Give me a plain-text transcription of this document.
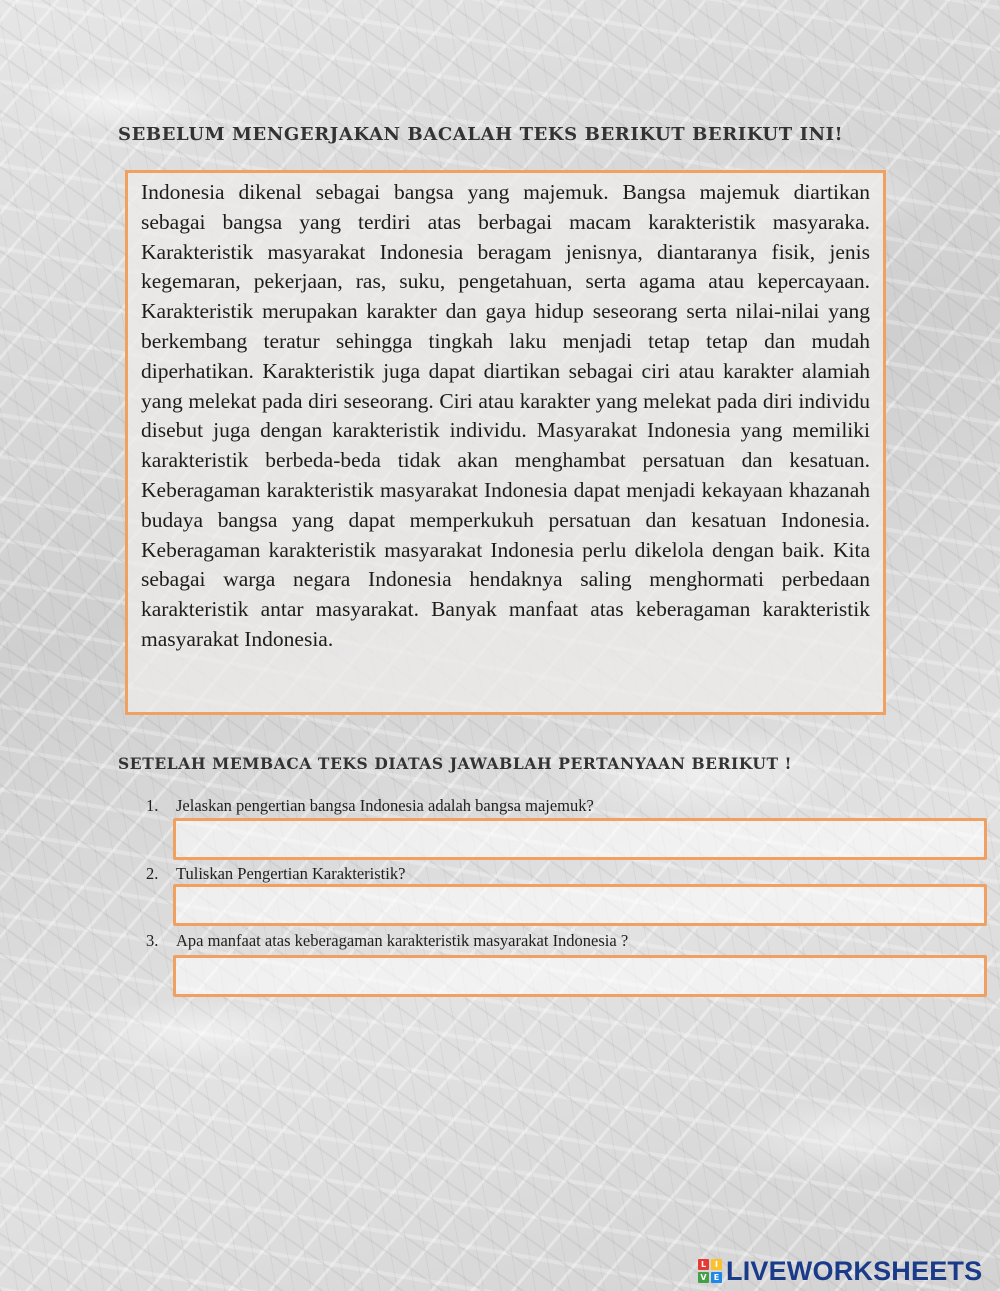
SEBELUM MENGERJAKAN BACALAH TEKS BERIKUT BERIKUT INI!

Indonesia dikenal sebagai bangsa yang majemuk. Bangsa majemuk diartikan sebagai bangsa yang terdiri atas berbagai macam karakteristik masyaraka. Karakteristik masyarakat Indonesia beragam jenisnya, diantaranya fisik, jenis kegemaran, pekerjaan, ras, suku, pengetahuan, serta agama atau kepercayaan. Karakteristik merupakan karakter dan gaya hidup seseorang serta nilai-nilai yang berkembang teratur sehingga tingkah laku menjadi tetap tetap dan mudah diperhatikan. Karakteristik juga dapat diartikan sebagai ciri atau karakter alamiah yang melekat pada diri seseorang. Ciri atau karakter yang melekat pada diri individu disebut juga dengan karakteristik individu. Masyarakat Indonesia yang memiliki karakteristik berbeda-beda tidak akan menghambat persatuan dan kesatuan. Keberagaman karakteristik masyarakat Indonesia dapat menjadi kekayaan khazanah budaya bangsa yang dapat memperkukuh persatuan dan kesatuan Indonesia. Keberagaman karakteristik masyarakat Indonesia perlu dikelola dengan baik. Kita sebagai warga negara Indonesia hendaknya saling menghormati perbedaan karakteristik antar masyarakat. Banyak manfaat atas keberagaman karakteristik masyarakat Indonesia.

SETELAH MEMBACA TEKS DIATAS JAWABLAH PERTANYAAN BERIKUT !

1. Jelaskan pengertian bangsa Indonesia adalah bangsa majemuk?

2. Tuliskan Pengertian Karakteristik?

3. Apa manfaat atas keberagaman karakteristik masyarakat Indonesia ?

L	I
V E LIVEWORKSHEETS
